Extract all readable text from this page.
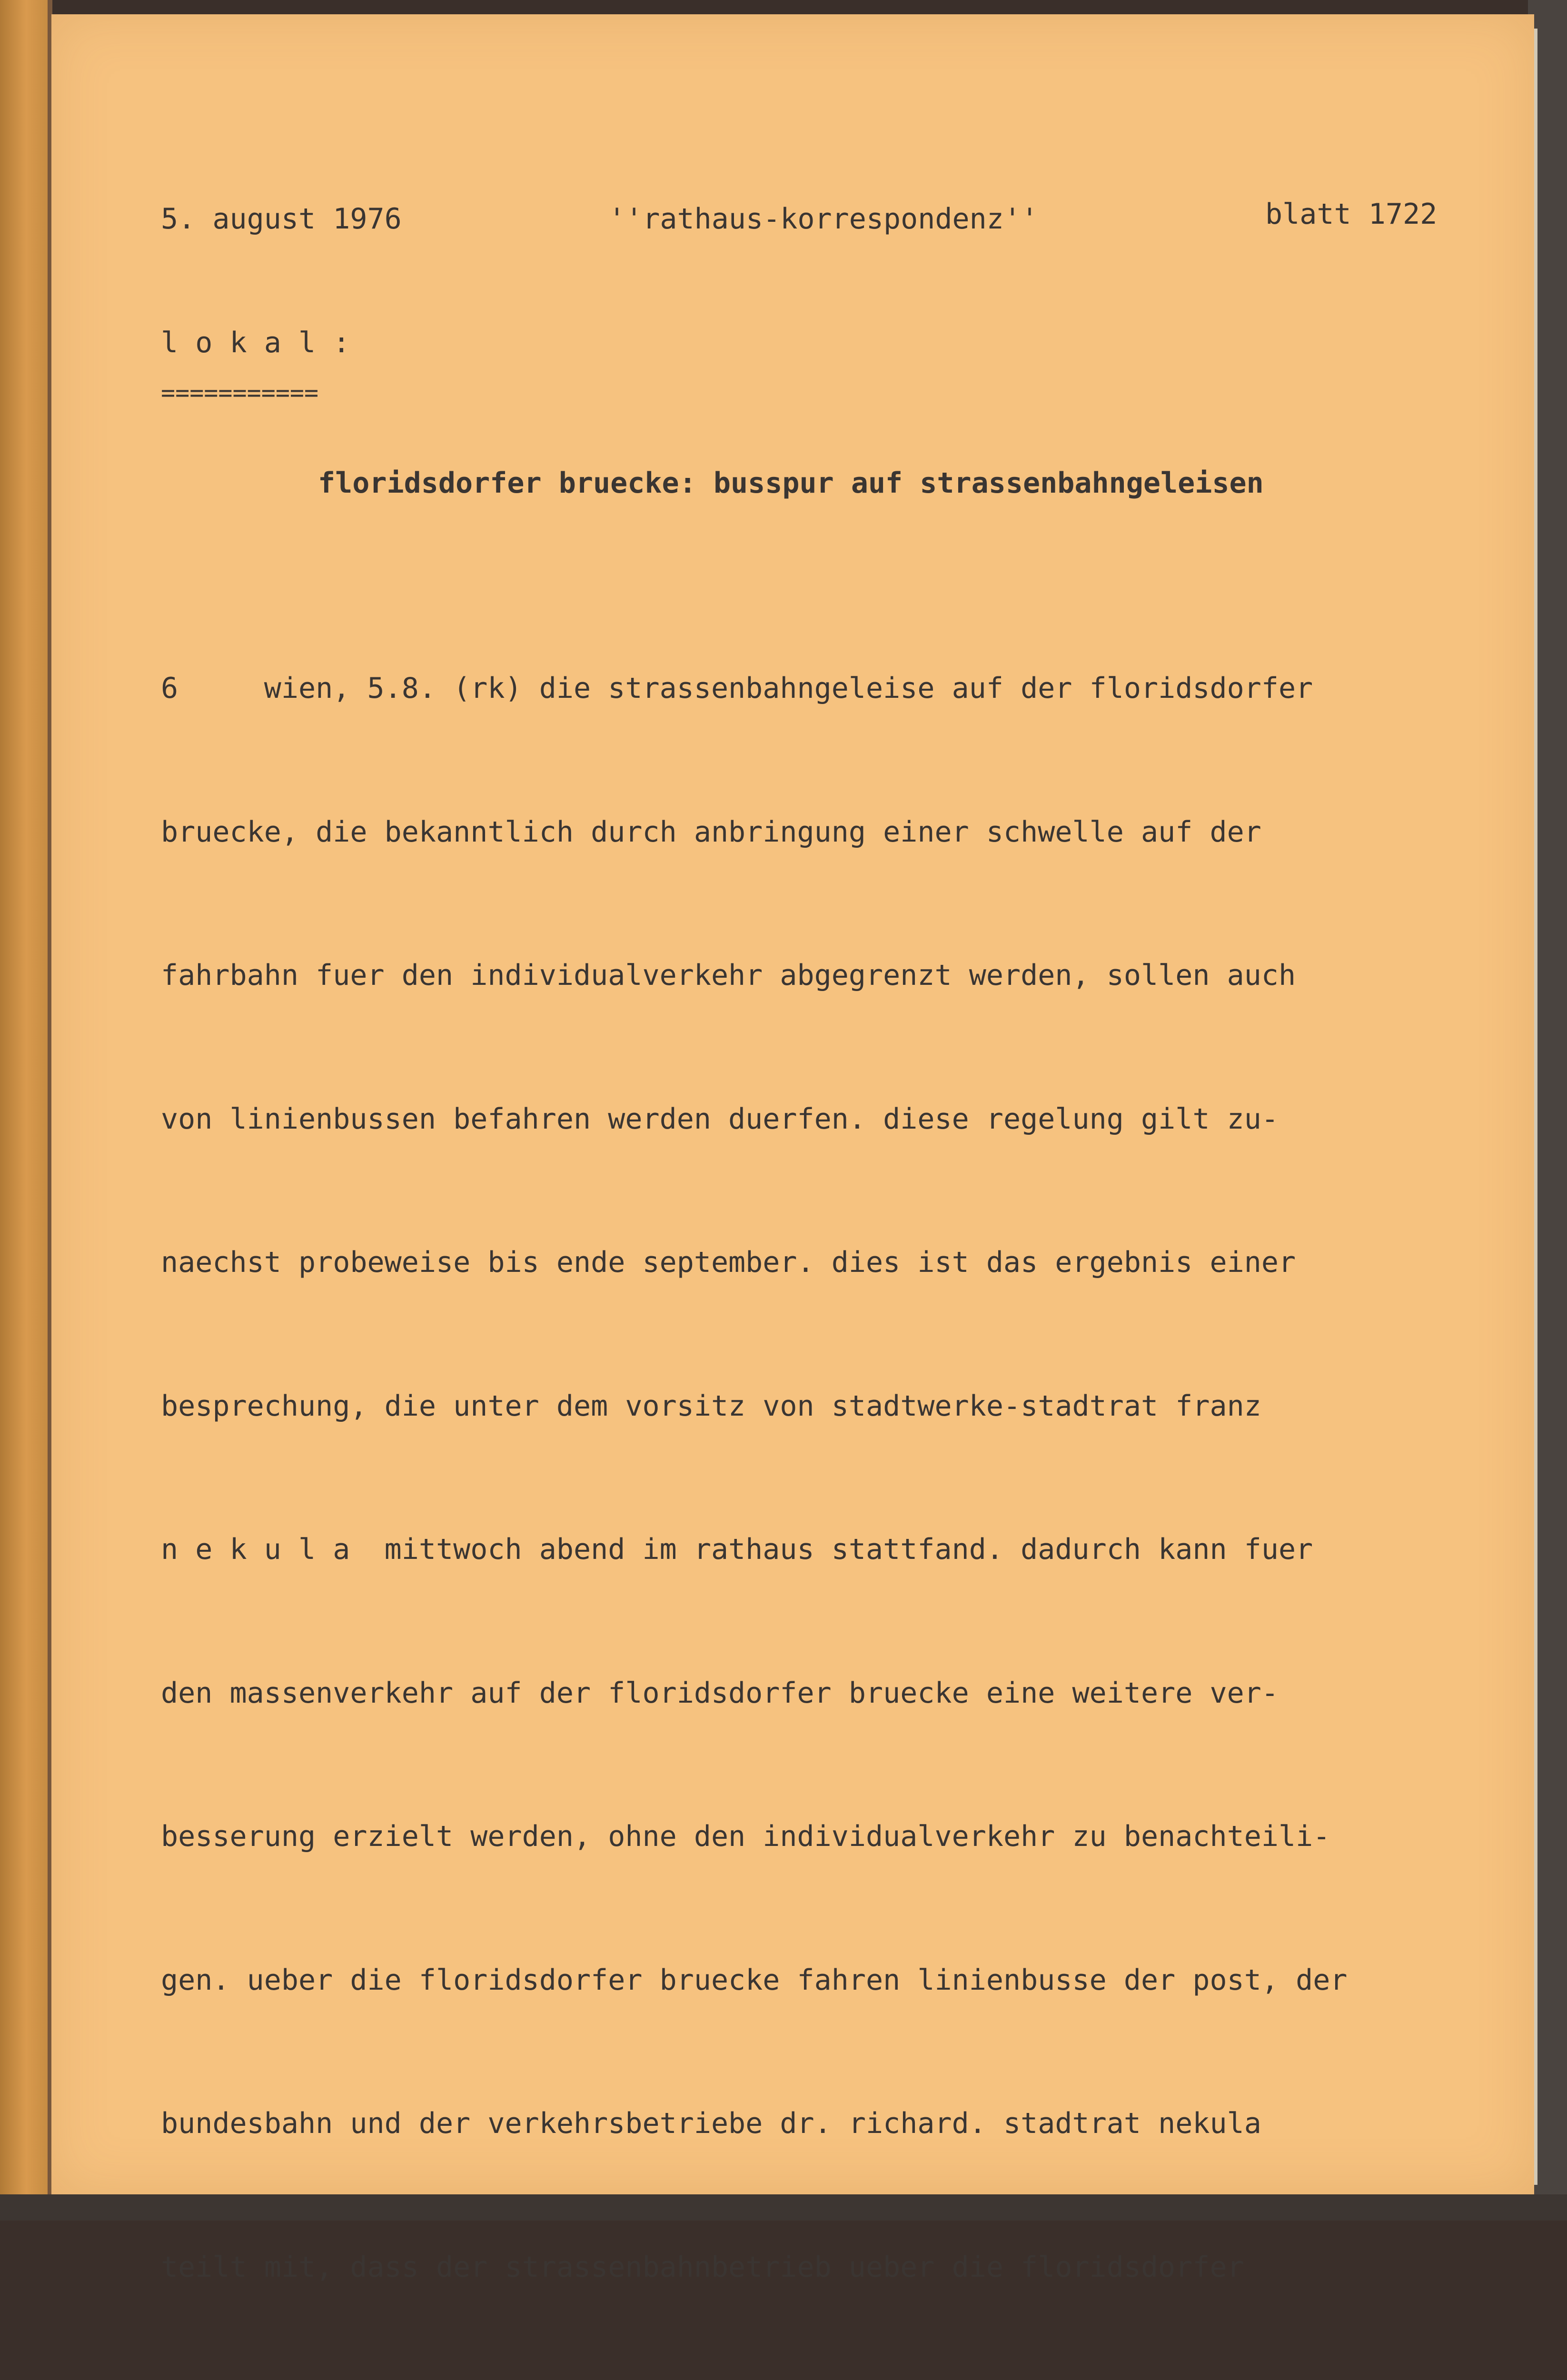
5. august 1976	''rathaus-korrespondenz''	blatt 1722
l o k a l :
===========
floridsdorfer bruecke: busspur auf strassenbahngeleisen

6     wien, 5.8. (rk) die strassenbahngeleise auf der floridsdorfer

bruecke, die bekanntlich durch anbringung einer schwelle auf der

fahrbahn fuer den individualverkehr abgegrenzt werden, sollen auch

von linienbussen befahren werden duerfen. diese regelung gilt zu-

naechst probeweise bis ende september. dies ist das ergebnis einer

besprechung, die unter dem vorsitz von stadtwerke-stadtrat franz

n e k u l a  mittwoch abend im rathaus stattfand. dadurch kann fuer

den massenverkehr auf der floridsdorfer bruecke eine weitere ver-

besserung erzielt werden, ohne den individualverkehr zu benachteili-

gen. ueber die floridsdorfer bruecke fahren linienbusse der post, der

bundesbahn und der verkehrsbetriebe dr. richard. stadtrat nekula

teilt mit, dass der strassenbahnbetrieb ueber die floridsdorfer
